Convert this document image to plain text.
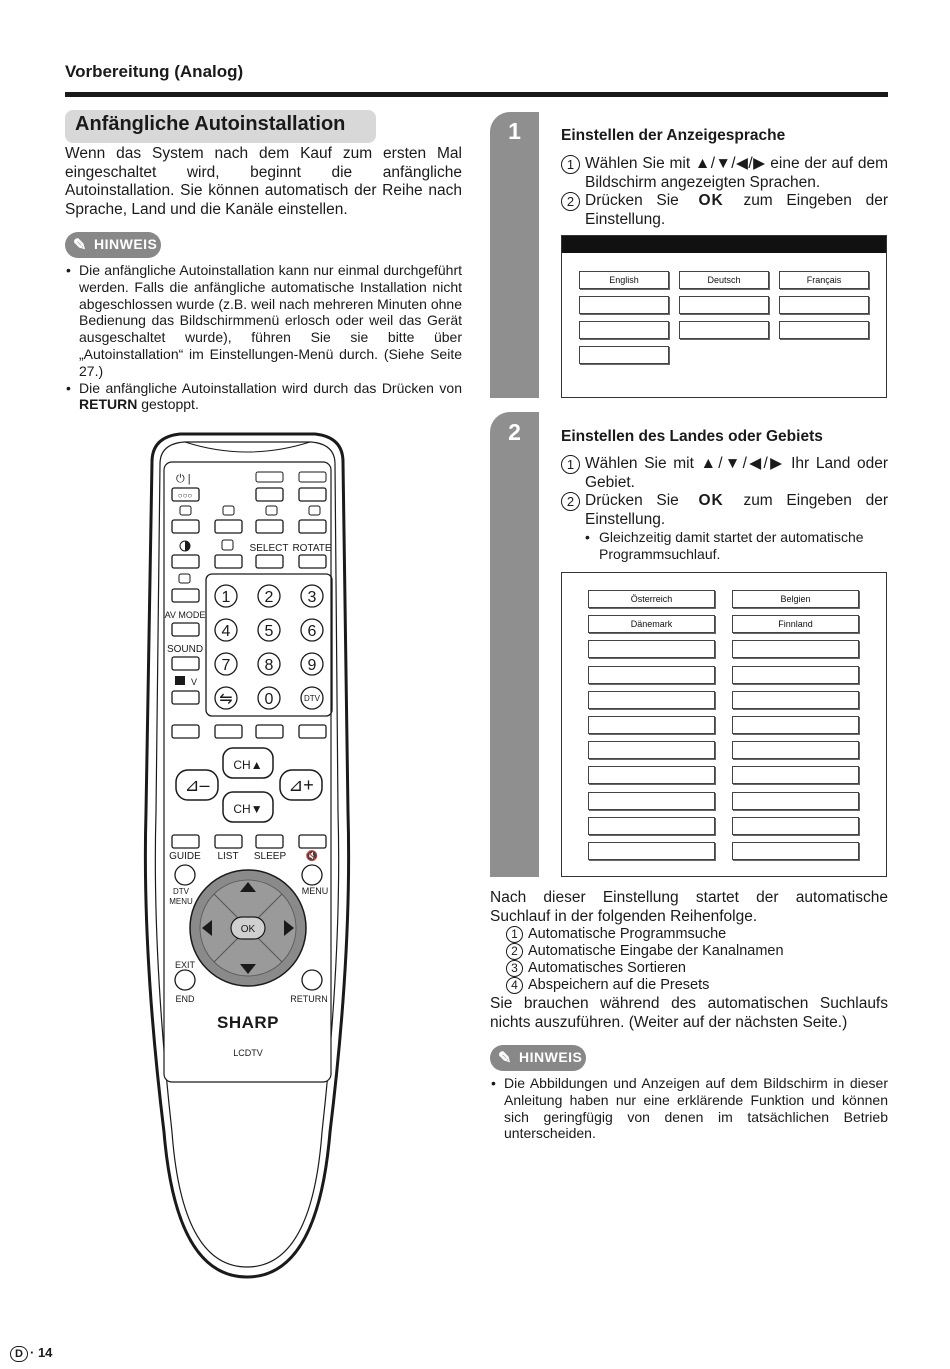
Vorbereitung (Analog)
Anfängliche Autoinstallation
Wenn das System nach dem Kauf zum ersten Mal eingeschaltet wird, beginnt die anfängliche Autoinstallation. Sie können automatisch der Reihe nach Sprache, Land und die Kanäle einstellen.
✎ HINWEIS
• Die anfängliche Autoinstallation kann nur einmal durchgeführt werden. Falls die anfängliche automatische Installation nicht abgeschlossen wurde (z.B. weil nach mehreren Minuten ohne Bedienung das Bildschirmmenü erlosch oder weil das Gerät ausgeschaltet wurde), führen Sie sie bitte über „Autoinstallation“ im Einstellungen-Menü durch. (Siehe Seite 27.)
• Die anfängliche Autoinstallation wird durch das Drücken von RETURN gestoppt.
⏻ |
○○○
SELECT ROTATE
AV MODE
SOUND
V
1 2 3
4 5 6
7 8 9
⇋ 0	DTV
CH▲
CH▼
⊿–	⊿+
GUIDE LIST SLEEP 🔇
DTV
MENU
MENU
OK
EXIT
END	RETURN
SHARP
LCDTV
1	Einstellen der Anzeigesprache
1 Wählen Sie mit ▲/▼/◀/▶ eine der auf dem Bildschirm angezeigten Sprachen.
2 Drücken Sie OK zum Eingeben der Einstellung.
English	Deutsch	Français
2	Einstellen des Landes oder Gebiets
1 Wählen Sie mit ▲/▼/◀/▶ Ihr Land oder Gebiet.
2 Drücken Sie OK zum Eingeben der Einstellung.
• Gleichzeitig damit startet der automatische Programmsuchlauf.
Österreich	Belgien
Dänemark	Finnland
Nach dieser Einstellung startet der automatische Suchlauf in der folgenden Reihenfolge.
1 Automatische Programmsuche
2 Automatische Eingabe der Kanalnamen
3 Automatisches Sortieren
4 Abspeichern auf die Presets
Sie brauchen während des automatischen Suchlaufs nichts auszuführen. (Weiter auf der nächsten Seite.)
✎ HINWEIS
• Die Abbildungen und Anzeigen auf dem Bildschirm in dieser Anleitung haben nur eine erklärende Funktion und können sich geringfügig von denen im tatsächlichen Betrieb unterscheiden.
D · 14
